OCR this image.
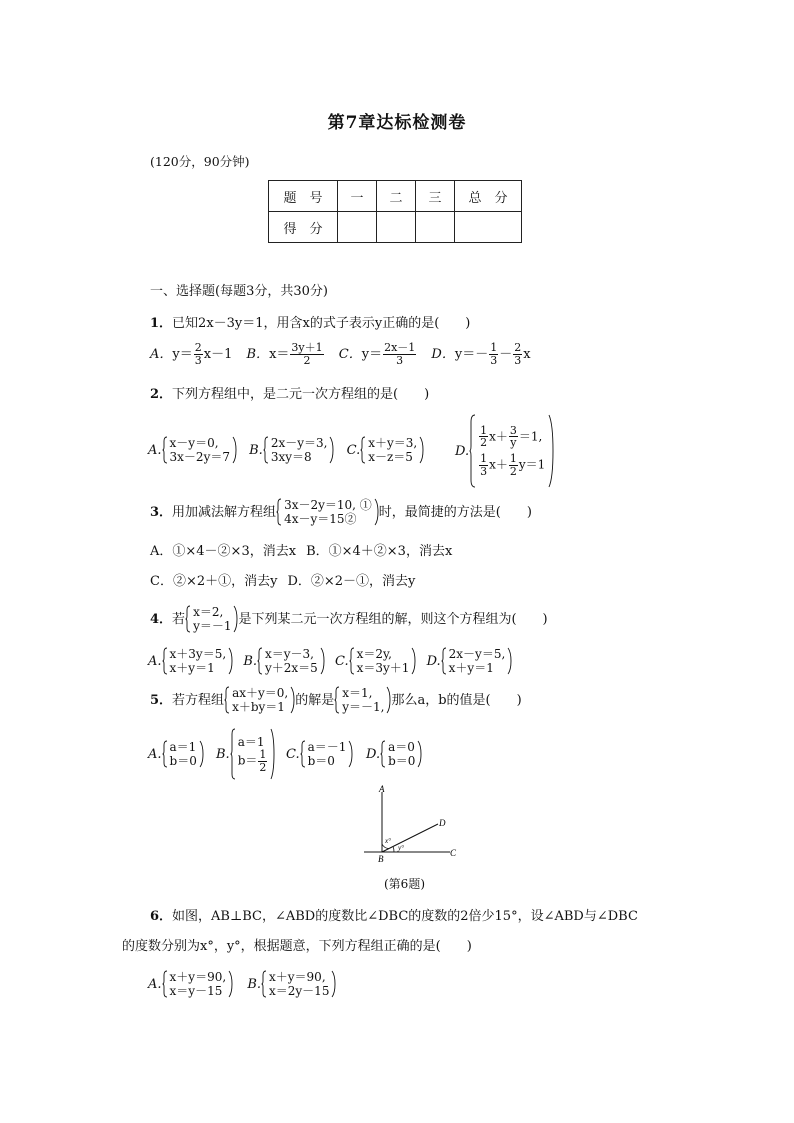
第7章达标检测卷
(120分，90分钟)
题　号	一	二	三	总　分
得　分				
一、选择题(每题3分，共30分)
1．已知2x－3y＝1，用含x的式子表示y正确的是(　　)
A．$y= \frac{2}{3} x-1$ B．$x= \frac{3y+1}{2}$ C．$y= \frac{2x-1}{3}$ D．$y=- \frac{1}{3} - \frac{2}{3}$ x
2．下列方程组中，是二元一次方程组的是(　　)
A. x－y＝0,
3x－2y＝7
B. 2x－y＝3,
3xy＝8
	C. x＋y＝3,
x－z＝5	D.
$\frac{1}{2} x+ \frac{3}{y} =1$,
$\frac{1}{3} x+ \frac{1}{2} y=1$
3． 用加减法解方程组 3x－2y＝10, ①
4x－y＝15②	时，最简捷的方法是(　　)
A．①×4－②×3，消去x B．①×4＋②×3，消去x
C．②×2＋①，消去y D．②×2－①，消去y
4． 若 x＝2,
y＝－1 是下列某二元一次方程组的解，则这个方程组为(　　)
A. x＋3y＝5,
x＋y＝1
	B. x＝y－3,
y＋2x＝5
C. x＝2y,
x＝3y＋1
D. 2x－y＝5,
x＋y＝1
5． 若方程组 ax＋y＝0,
x＋by＝1 的解是 x＝1,
y＝－1, 那么a，b的值是(　　)
A. a＝1
b＝0 B.
a＝1
$b= \frac{1}{2} C$. a＝－1
b＝0	D. a＝0
b＝0
A
B
C
D
x°
y°
(第6题)
6．如图，AB⊥BC，∠ABD的度数比∠DBC的度数的2倍少15°，设∠ABD与∠DBC
的度数分别为x°，y°，根据题意，下列方程组正确的是(　　)
A. x＋y＝90,
x＝y－15
B. x＋y＝90,
x＝2y－15
